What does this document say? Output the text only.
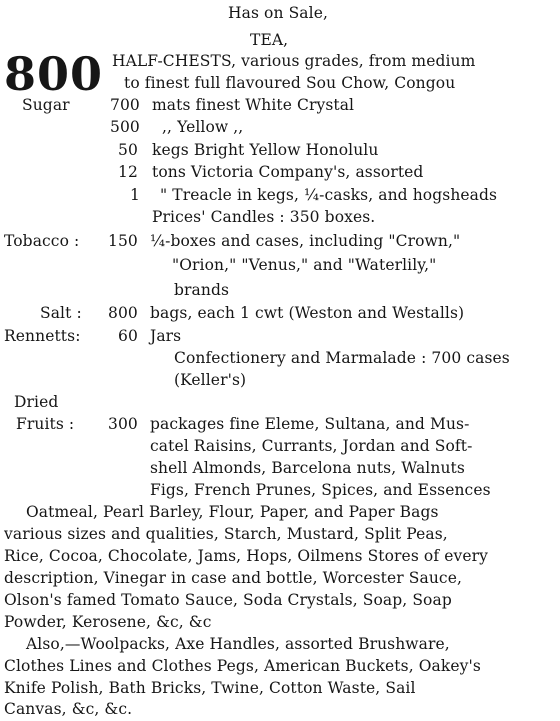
Has on Sale,
TEA,
800 HALF-CHESTS, various grades, from medium
to finest full flavoured Sou Chow, Congou
Sugar	700 mats finest White Crystal
500 ,, Yellow ,,
50 kegs Bright Yellow Honolulu
12 tons Victoria Company's, assorted
1 " Treacle in kegs, ¼-casks, and hogsheads
Prices' Candles : 350 boxes.
Tobacco : 150 ¼-boxes and cases, including "Crown,"
"Orion," "Venus," and "Waterlily,"
brands
Salt : 800 bags, each 1 cwt (Weston and Westalls)
Rennetts: 60 Jars
Confectionery and Marmalade : 700 cases
(Keller's)
Dried
Fruits : 300 packages fine Eleme, Sultana, and Mus-
catel Raisins, Currants, Jordan and Soft-
shell Almonds, Barcelona nuts, Walnuts
Figs, French Prunes, Spices, and Essences
Oatmeal, Pearl Barley, Flour, Paper, and Paper Bags
various sizes and qualities, Starch, Mustard, Split Peas,
Rice, Cocoa, Chocolate, Jams, Hops, Oilmens Stores of every
description, Vinegar in case and bottle, Worcester Sauce,
Olson's famed Tomato Sauce, Soda Crystals, Soap, Soap
Powder, Kerosene, &c, &c
Also,—Woolpacks, Axe Handles, assorted Brushware,
Clothes Lines and Clothes Pegs, American Buckets, Oakey's
Knife Polish, Bath Bricks, Twine, Cotton Waste, Sail
Canvas, &c, &c.
